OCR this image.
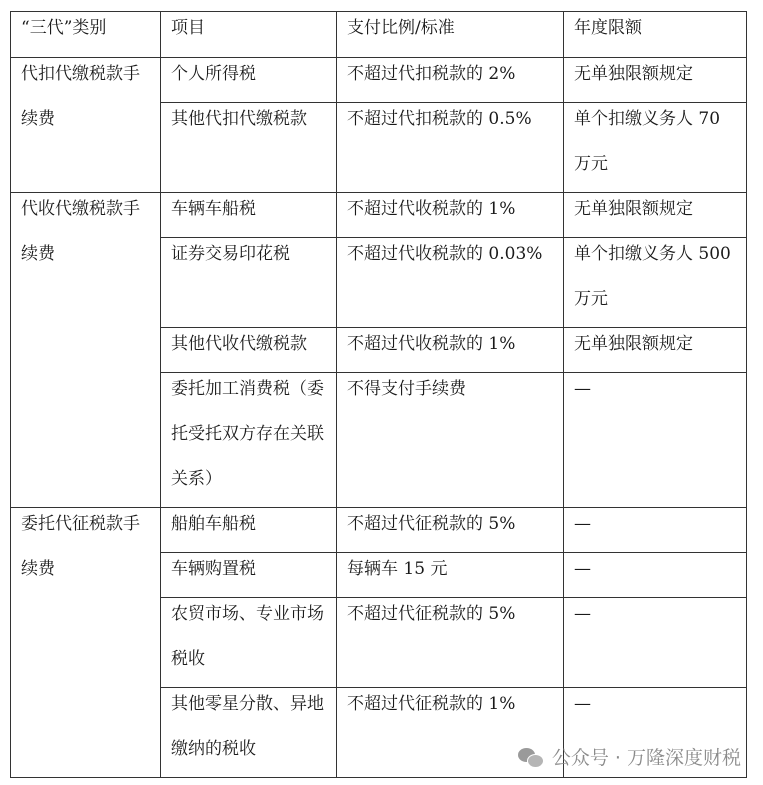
“三代”类别	项目	支付比例/标准	年度限额

代扣代缴税款手续费	个人所得税	不超过代扣税款的 2%	无单独限额规定

	其他代扣代缴税款	不超过代扣税款的 0.5%	单个扣缴义务人 70 万元

代收代缴税款手续费	车辆车船税	不超过代收税款的 1%	无单独限额规定

	证券交易印花税	不超过代收税款的 0.03%	单个扣缴义务人 500 万元

	其他代收代缴税款	不超过代收税款的 1%	无单独限额规定

	委托加工消费税（委托受托双方存在关联关系）	不得支付手续费	—

委托代征税款手续费	船舶车船税	不超过代征税款的 5%	—

	车辆购置税	每辆车 15 元	—

	农贸市场、专业市场税收	不超过代征税款的 5%	—

	其他零星分散、异地缴纳的税收	不超过代征税款的 1%	—
公众号 · 万隆深度财税
